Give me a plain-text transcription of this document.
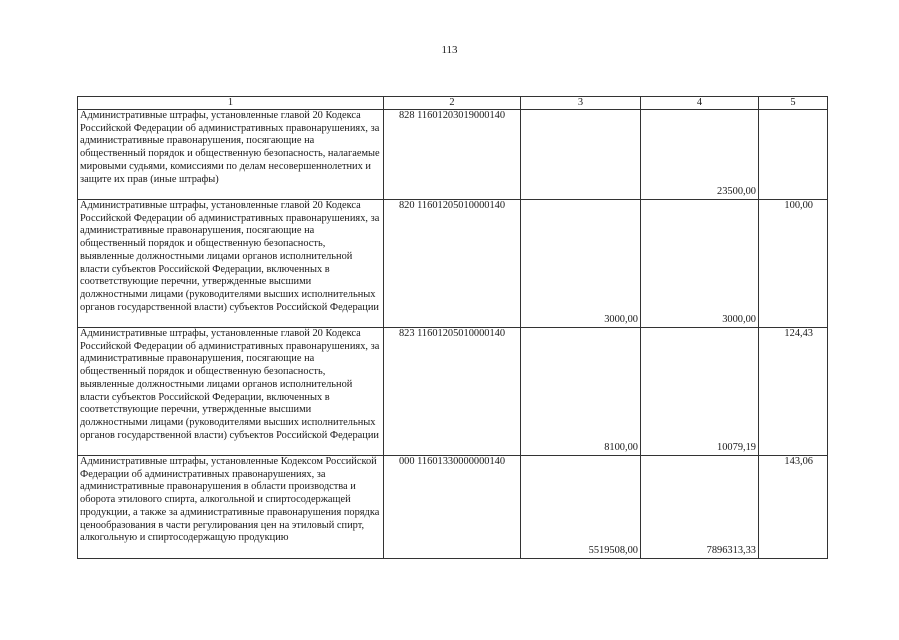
113
1	2	3	4	5
Административные штрафы, установленные главой 20 Кодекса Российской Федерации об административных правонарушениях, за административные правонарушения, посягающие на общественный порядок и общественную безопасность, налагаемые мировыми судьями, комиссиями по делам несовершеннолетних и защите их прав (иные штрафы)	828 11601203019000140		23500,00	
Административные штрафы, установленные главой 20 Кодекса Российской Федерации об административных правонарушениях, за административные правонарушения, посягающие на общественный порядок и общественную безопасность, выявленные должностными лицами органов исполнительной власти субъектов Российской Федерации, включенных в соответствующие перечни, утвержденные высшими должностными лицами (руководителями высших исполнительных органов государственной власти) субъектов Российской Федерации	820 11601205010000140	3000,00	3000,00	100,00
Административные штрафы, установленные главой 20 Кодекса Российской Федерации об административных правонарушениях, за административные правонарушения, посягающие на общественный порядок и общественную безопасность, выявленные должностными лицами органов исполнительной власти субъектов Российской Федерации, включенных в соответствующие перечни, утвержденные высшими должностными лицами (руководителями высших исполнительных органов государственной власти) субъектов Российской Федерации	823 11601205010000140	8100,00	10079,19	124,43
Административные штрафы, установленные Кодексом Российской Федерации об административных правонарушениях, за административные правонарушения в области производства и оборота этилового спирта, алкогольной и спиртосодержащей продукции, а также за административные правонарушения порядка ценообразования в части регулирования цен на этиловый спирт, алкогольную и спиртосодержащую продукцию	000 11601330000000140	5519508,00	7896313,33	143,06
